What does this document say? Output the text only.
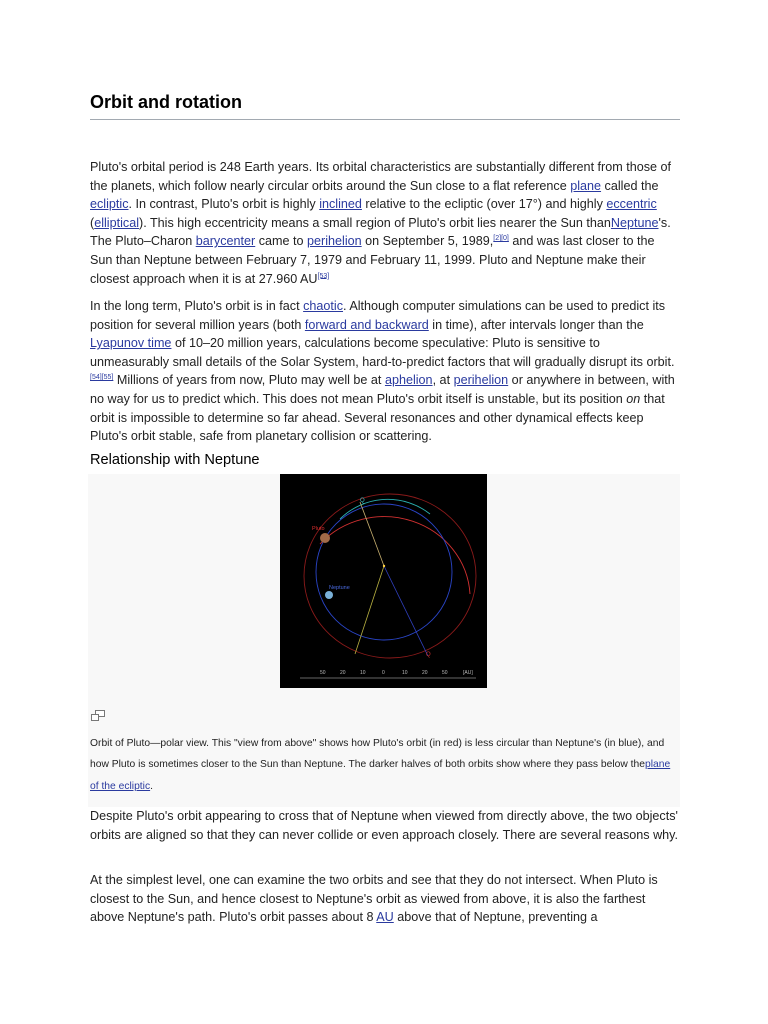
Orbit and rotation

Pluto's orbital period is 248 Earth years. Its orbital characteristics are substantially different from those of the planets, which follow nearly circular orbits around the Sun close to a flat reference plane called the ecliptic. In contrast, Pluto's orbit is highly inclined relative to the ecliptic (over 17°) and highly eccentric (elliptical). This high eccentricity means a small region of Pluto's orbit lies nearer the Sun thanNeptune's. The Pluto–Charon barycenter came to perihelion on September 5, 1989,[2][0] and was last closer to the Sun than Neptune between February 7, 1979 and February 11, 1999. Pluto and Neptune make their closest approach when it is at 27.960 AU[53]

In the long term, Pluto's orbit is in fact chaotic. Although computer simulations can be used to predict its position for several million years (both forward and backward in time), after intervals longer than the Lyapunov time of 10–20 million years, calculations become speculative: Pluto is sensitive to unmeasurably small details of the Solar System, hard-to-predict factors that will gradually disrupt its orbit.[54][55] Millions of years from now, Pluto may well be at aphelion, at perihelion or anywhere in between, with no way for us to predict which. This does not mean Pluto's orbit itself is unstable, but its position on that orbit is impossible to determine so far ahead. Several resonances and other dynamical effects keep Pluto's orbit stable, safe from planetary collision or scattering.

Relationship with Neptune
Q
Q
Pluto
Neptune
50	20	10	0	10	20	50	[AU]

Orbit of Pluto—polar view. This "view from above" shows how Pluto's orbit (in red) is less circular than Neptune's (in blue), and how Pluto is sometimes closer to the Sun than Neptune. The darker halves of both orbits show where they pass below theplane of the ecliptic.

Despite Pluto's orbit appearing to cross that of Neptune when viewed from directly above, the two objects' orbits are aligned so that they can never collide or even approach closely. There are several reasons why.

At the simplest level, one can examine the two orbits and see that they do not intersect. When Pluto is closest to the Sun, and hence closest to Neptune's orbit as viewed from above, it is also the farthest above Neptune's path. Pluto's orbit passes about 8 AU above that of Neptune, preventing a
